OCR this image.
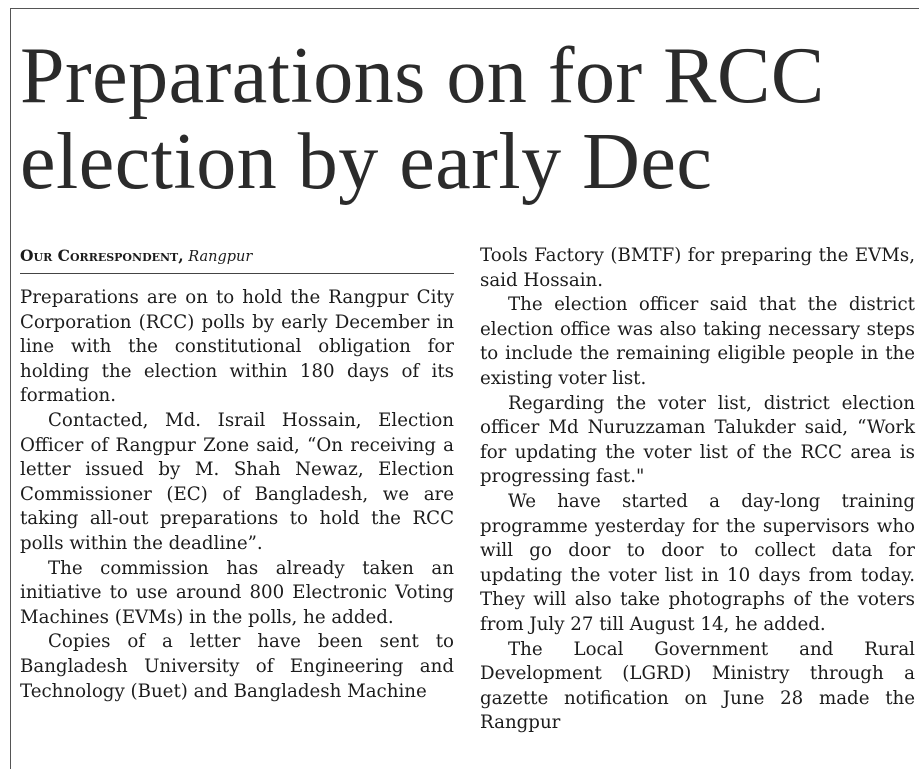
Preparations on for RCC election by early Dec
Our Correspondent, Rangpur

Preparations are on to hold the Rangpur City Corporation (RCC) polls by early December in line with the constitutional obligation for holding the election within 180 days of its formation.

Contacted, Md. Israil Hossain, Election Officer of Rangpur Zone said, “On receiving a letter issued by M. Shah Newaz, Election Commissioner (EC) of Bangladesh, we are taking all-out preparations to hold the RCC polls within the deadline”.

The commission has already taken an initiative to use around 800 Electronic Voting Machines (EVMs) in the polls, he added.

Copies of a letter have been sent to Bangladesh University of Engineering and Technology (Buet) and Bangladesh Machine

Tools Factory (BMTF) for preparing the EVMs, said Hossain.

The election officer said that the district election office was also taking necessary steps to include the remaining eligible people in the existing voter list.

Regarding the voter list, district election officer Md Nuruzzaman Talukder said, “Work for updating the voter list of the RCC area is progressing fast."

We have started a day-long training programme yesterday for the supervisors who will go door to door to collect data for updating the voter list in 10 days from today. They will also take photographs of the voters from July 27 till August 14, he added.

The Local Government and Rural Development (LGRD) Ministry through a gazette notification on June 28 made the Rangpur
